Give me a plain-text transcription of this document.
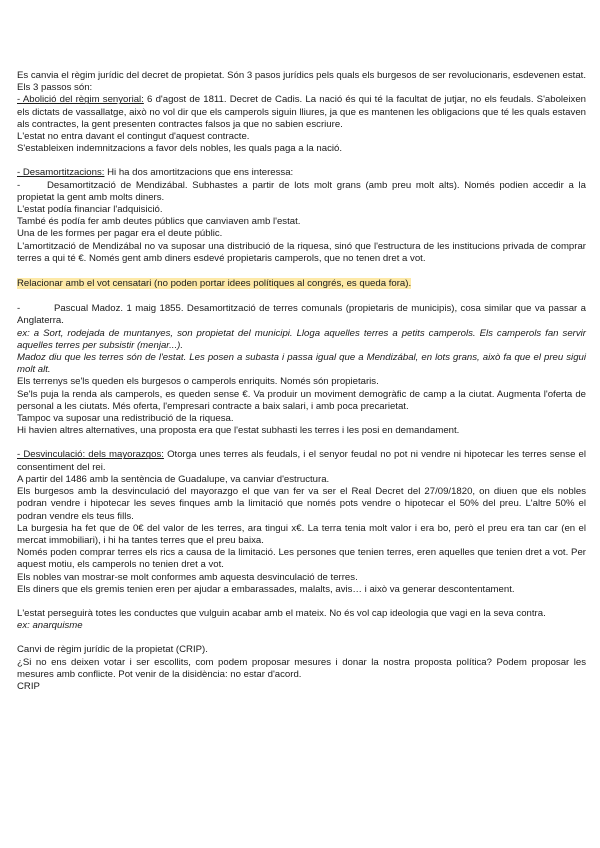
Es canvia el règim jurídic del decret de propietat. Són 3 pasos jurídics pels quals els burgesos de ser revolucionaris, esdevenen estat.

Els 3 passos són:

- Abolició del règim senyorial: 6 d'agost de 1811. Decret de Cadis. La nació és qui té la facultat de jutjar, no els feudals. S'aboleixen els dictats de vassallatge, això no vol dir que els camperols siguin lliures, ja que es mantenen les obligacions que té les quals estaven als contractes, la gent presenten contractes falsos ja que no sabien escriure.

L'estat no entra davant el contingut d'aquest contracte.

S'estableixen indemnitzacions a favor dels nobles, les quals paga a la nació.

- Desamortitzacions: Hi ha dos amortitzacions que ens interessa:

-	Desamortització de Mendizábal. Subhastes a partir de lots molt grans (amb preu molt alts). Només podien accedir a la propietat la gent amb molts diners.

L'estat podía financiar l'adquisició.

També és podía fer amb deutes públics que canviaven amb l'estat.

Una de les formes per pagar era el deute públic.

L'amortització de Mendizábal no va suposar una distribució de la riquesa, sinó que l'estructura de les institucions privada de comprar terres a qui té €. Només gent amb diners esdevé propietaris camperols, que no tenen dret a vot.

Relacionar amb el vot censatari (no poden portar idees polítiques al congrés, es queda fora).

-	Pascual Madoz. 1 maig 1855. Desamortització de terres comunals (propietaris de municipis), cosa similar que va passar a Anglaterra.

ex: a Sort, rodejada de muntanyes, son propietat del municipi. Lloga aquelles terres a petits camperols. Els camperols fan servir aquelles terres per subsistir (menjar...).

Madoz diu que les terres són de l'estat. Les posen a subasta i passa igual que a Mendizábal, en lots grans, això fa que el preu sigui molt alt.

Els terrenys se'ls queden els burgesos o camperols enriquits. Només són propietaris.

Se'ls puja la renda als camperols, es queden sense €. Va produir un moviment demogràfic de camp a la ciutat. Augmenta l'oferta de personal a les ciutats. Més oferta, l'empresari contracte a baix salari, i amb poca precarietat.

Tampoc va suposar una redistribució de la riquesa.

Hi havien altres alternatives, una proposta era que l'estat subhasti les terres i les posi en demandament.

- Desvinculació: dels mayorazgos: Otorga unes terres als feudals, i el senyor feudal no pot ni vendre ni hipotecar les terres sense el consentiment del rei.

A partir del 1486 amb la sentència de Guadalupe, va canviar d'estructura.

Els burgesos amb la desvinculació del mayorazgo el que van fer va ser el Real Decret del 27/09/1820, on diuen que els nobles podran vendre i hipotecar les seves finques amb la limitació que només pots vendre o hipotecar el 50% del preu. L'altre 50% el podran vendre els teus fills.

La burgesia ha fet que de 0€ del valor de les terres, ara tingui x€. La terra tenia molt valor i era bo, però el preu era tan car (en el mercat immobiliari), i hi ha tantes terres que el preu baixa.

Només poden comprar terres els rics a causa de la limitació. Les persones que tenien terres, eren aquelles que tenien dret a vot. Per aquest motiu, els camperols no tenien dret a vot.

Els nobles van mostrar-se molt conformes amb aquesta desvinculació de terres.

Els diners que els gremis tenien eren per ajudar a embarassades, malalts, avis… i això va generar descontentament.

L'estat perseguirà totes les conductes que vulguin acabar amb el mateix. No és vol cap ideologia que vagi en la seva contra.

ex: anarquisme

Canvi de règim jurídic de la propietat (CRIP).

¿Si no ens deixen votar i ser escollits, com podem proposar mesures i donar la nostra proposta política? Podem proposar les mesures amb conflicte. Pot venir de la disidència: no estar d'acord.

CRIP
